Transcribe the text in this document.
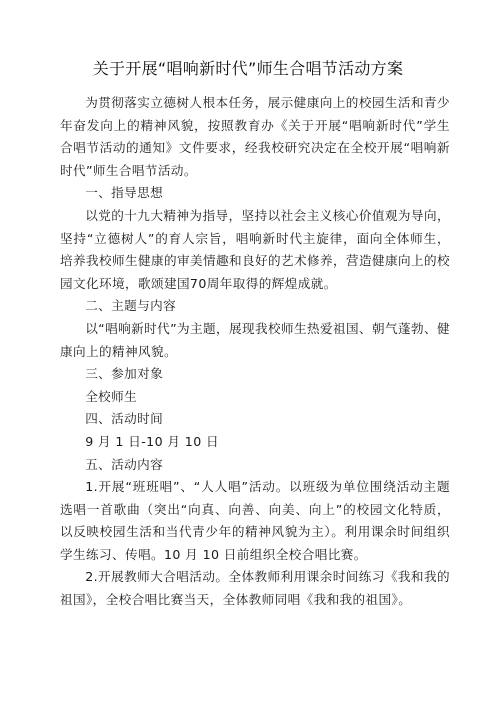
关于开展“唱响新时代”师生合唱节活动方案

为贯彻落实立德树人根本任务，展示健康向上的校园生活和青少年奋发向上的精神风貌，按照教育办《关于开展“唱响新时代”学生合唱节活动的通知》文件要求，经我校研究决定在全校开展“唱响新时代”师生合唱节活动。

一、指导思想

以党的十九大精神为指导，坚持以社会主义核心价值观为导向，坚持“立德树人”的育人宗旨，唱响新时代主旋律，面向全体师生，培养我校师生健康的审美情趣和良好的艺术修养，营造健康向上的校园文化环境，歌颂建国70周年取得的辉煌成就。

二、主题与内容

以“唱响新时代”为主题，展现我校师生热爱祖国、朝气蓬勃、健康向上的精神风貌。

三、参加对象

全校师生

四、活动时间

9 月 1 日-10 月 10 日

五、活动内容

1.开展“班班唱”、“人人唱”活动。以班级为单位围绕活动主题选唱一首歌曲（突出“向真、向善、向美、向上”的校园文化特质，以反映校园生活和当代青少年的精神风貌为主）。利用课余时间组织学生练习、传唱。10 月 10 日前组织全校合唱比赛。

2.开展教师大合唱活动。全体教师利用课余时间练习《我和我的祖国》，全校合唱比赛当天，全体教师同唱《我和我的祖国》。
